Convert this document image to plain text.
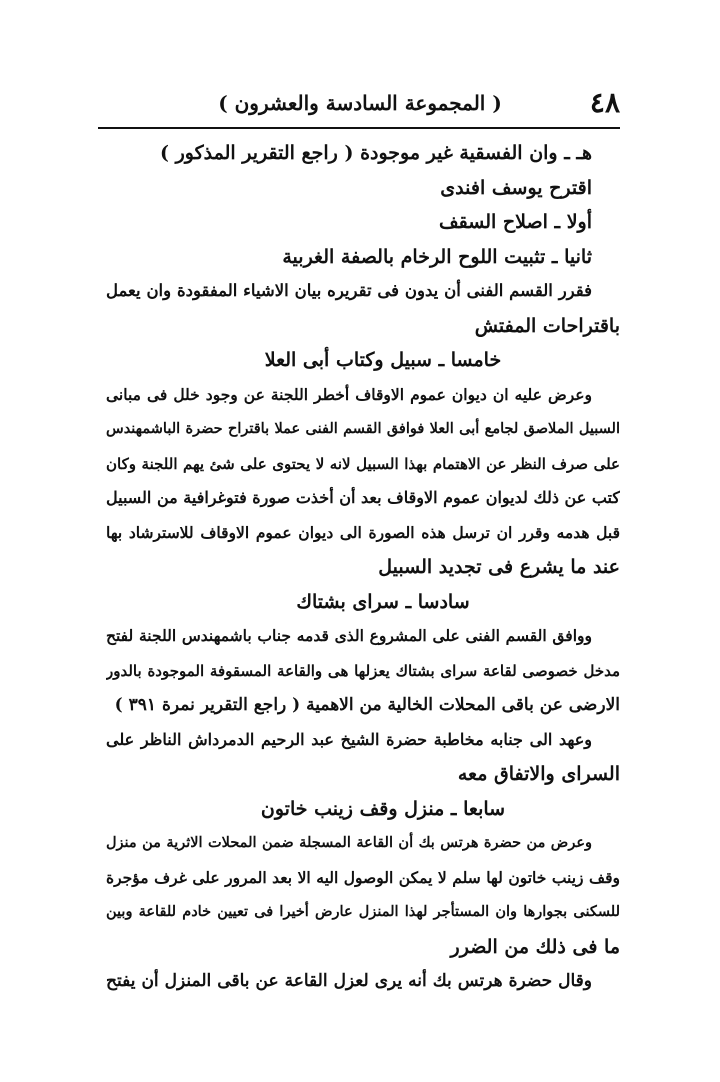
٤٨
( المجموعة السادسة والعشرون )
هـ ـ وان الفسقية غير موجودة ( راجع التقرير المذكور )
اقترح يوسف افندى
أولا ـ اصلاح السقف
ثانيا ـ تثبيت اللوح الرخام بالصفة الغربية
فقرر القسم الفنى أن يدون فى تقريره بيان الاشياء المفقودة وان يعمل
باقتراحات المفتش
خامسا ـ سبيل وكتاب أبى العلا
وعرض عليه ان ديوان عموم الاوقاف أخطر اللجنة عن وجود خلل فى مبانى
السبيل الملاصق لجامع أبى العلا فوافق القسم الفنى عملا باقتراح حضرة الباشمهندس
على صرف النظر عن الاهتمام بهذا السبيل لانه لا يحتوى على شئ يهم اللجنة وكان
كتب عن ذلك لديوان عموم الاوقاف بعد أن أخذت صورة فتوغرافية من السبيل
قبل هدمه وقرر ان ترسل هذه الصورة الى ديوان عموم الاوقاف للاسترشاد بها
عند ما يشرع فى تجديد السبيل
سادسا ـ سراى بشتاك
ووافق القسم الفنى على المشروع الذى قدمه جناب باشمهندس اللجنة لفتح
مدخل خصوصى لقاعة سراى بشتاك يعزلها هى والقاعة المسقوفة الموجودة بالدور
الارضى عن باقى المحلات الخالية من الاهمية ( راجع التقرير نمرة ٣٩١ )
وعهد الى جنابه مخاطبة حضرة الشيخ عبد الرحيم الدمرداش الناظر على
السراى والاتفاق معه
سابعا ـ منزل وقف زينب خاتون
وعرض من حضرة هرتس بك أن القاعة المسجلة ضمن المحلات الاثرية من منزل
وقف زينب خاتون لها سلم لا يمكن الوصول اليه الا بعد المرور على غرف مؤجرة
للسكنى بجوارها وان المستأجر لهذا المنزل عارض أخيرا فى تعيين خادم للقاعة وبين
ما فى ذلك من الضرر
وقال حضرة هرتس بك أنه يرى لعزل القاعة عن باقى المنزل أن يفتح
